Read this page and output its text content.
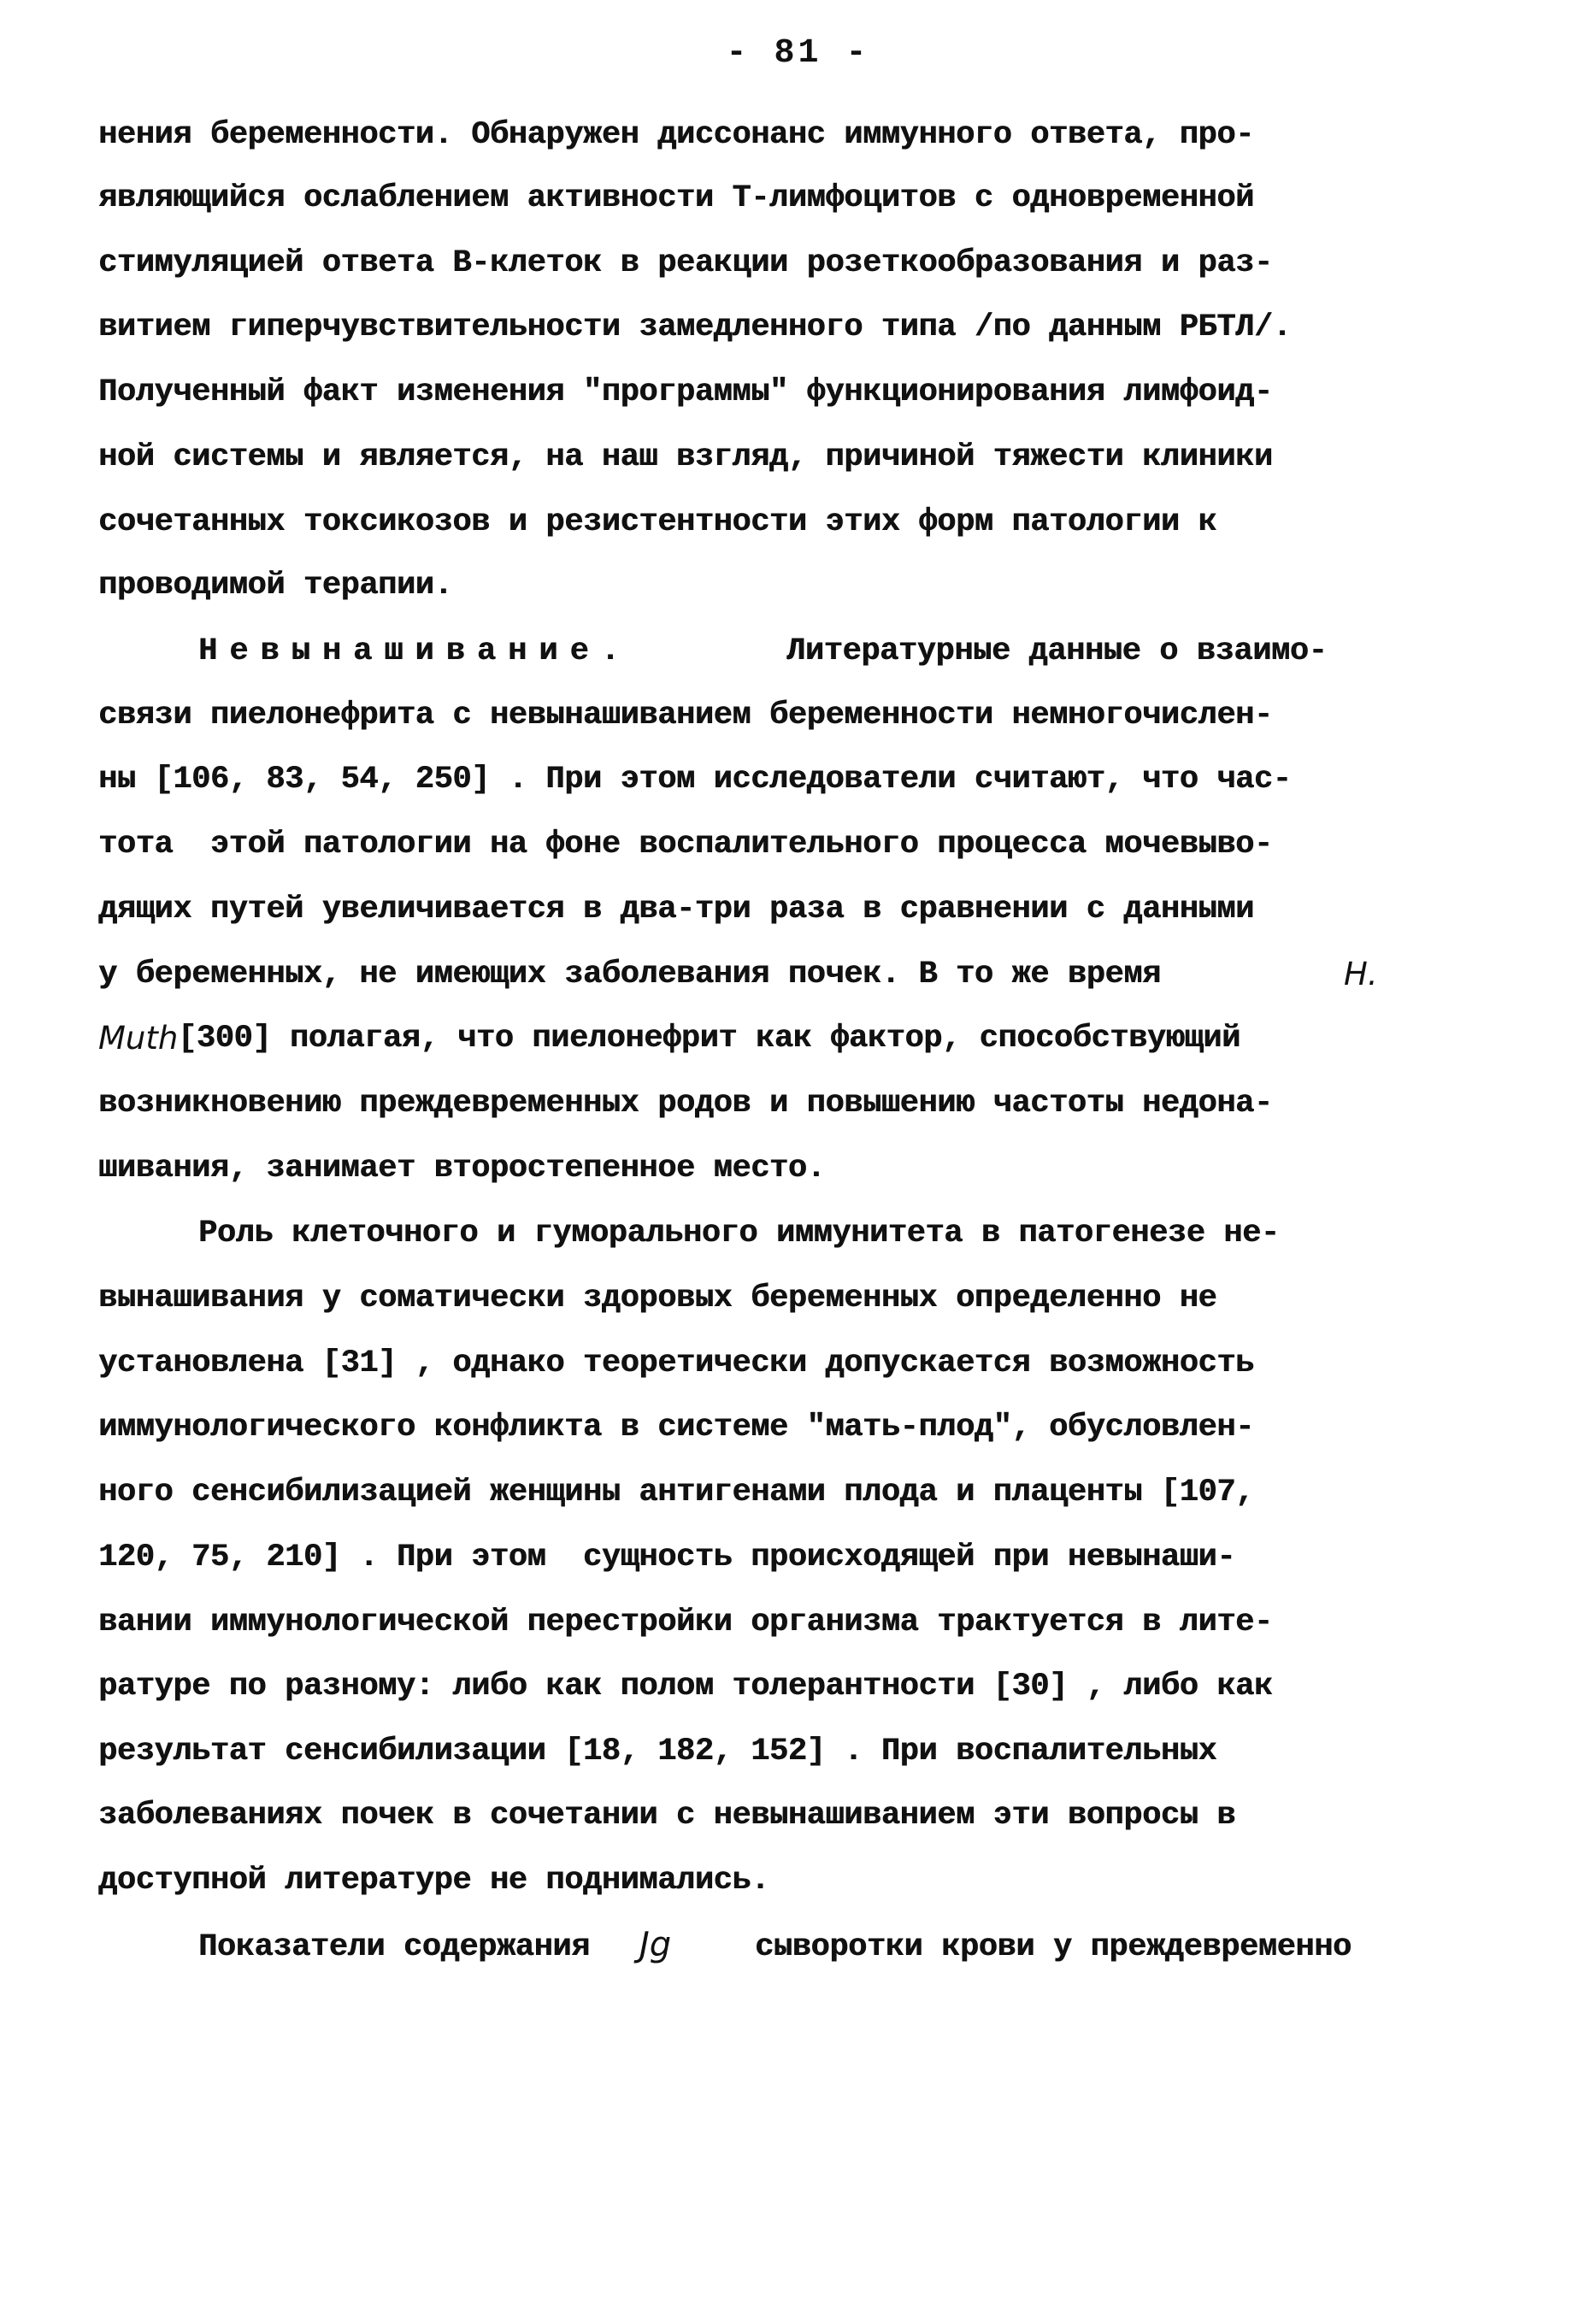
- 81 -
нения беременности. Обнаружен диссонанс иммунного ответа, про-
являющийся ослаблением активности Т-лимфоцитов с одновременной
стимуляцией ответа В-клеток в реакции розеткообразования и раз-
витием гиперчувствительности замедленного типа /по данным РБТЛ/.
Полученный факт изменения "программы" функционирования лимфоид-
ной системы и является, на наш взгляд, причиной тяжести клиники
сочетанных токсикозов и резистентности этих форм патологии к
проводимой терапии.
Невынашивание.	Литературные данные о взаимо-
связи пиелонефрита с невынашиванием беременности немногочислен-
ны [106, 83, 54, 250] . При этом исследователи считают, что час-
тота  этой патологии на фоне воспалительного процесса мочевыво-
дящих путей увеличивается в два-три раза в сравнении с данными
у беременных, не имеющих заболевания почек. В то же время	H.
Muth [300] полагая, что пиелонефрит как фактор, способствующий
возникновению преждевременных родов и повышению частоты недона-
шивания, занимает второстепенное место.
Роль клеточного и гуморального иммунитета в патогенезе не-
вынашивания у соматически здоровых беременных определенно не
установлена [31] , однако теоретически допускается возможность
иммунологического конфликта в системе "мать-плод", обусловлен-
ного сенсибилизацией женщины антигенами плода и плаценты [107,
120, 75, 210] . При этом  сущность происходящей при невынаши-
вании иммунологической перестройки организма трактуется в лите-
ратуре по разному: либо как полом толерантности [30] , либо как
результат сенсибилизации [18, 182, 152] . При воспалительных
заболеваниях почек в сочетании с невынашиванием эти вопросы в
доступной литературе не поднимались.
Показатели содержания Jg	сыворотки крови у преждевременно
